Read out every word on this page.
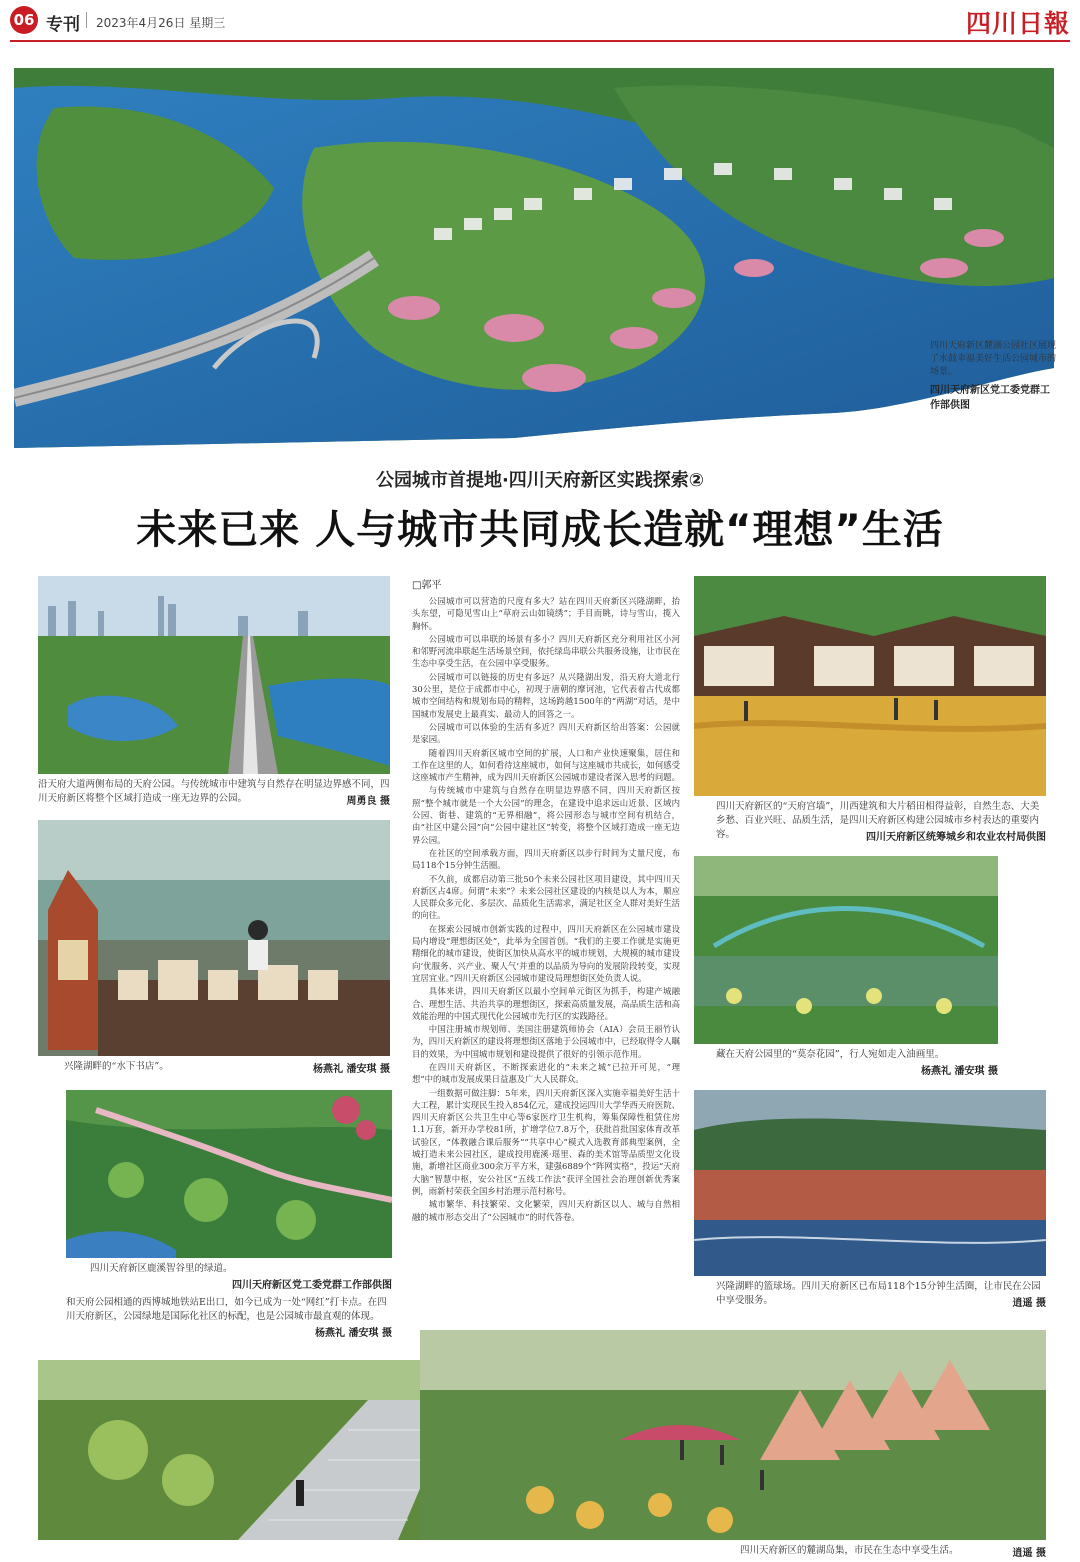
06 专刊 2023年4月26日 星期三	四川日報
四川天府新区麓湖公园社区展现了水鼓幸福美好生活公园城市的场景。
四川天府新区党工委党群工作部供图
公园城市首提地·四川天府新区实践探索②
未来已来 人与城市共同成长造就“理想”生活
沿天府大道两侧布局的天府公园。与传统城市中建筑与自然存在明显边界感不同，四川天府新区将整个区域打造成一座无边界的公园。	周勇良 摄
兴隆湖畔的“水下书店”。	杨燕礼 潘安琪 摄
四川天府新区鹿溪智谷里的绿道。
四川天府新区党工委党群工作部供图
和天府公园相通的西博城地铁站E出口，如今已成为一处“网红”打卡点。在四川天府新区，公园绿地是国际化社区的标配，也是公园城市最直观的体现。
杨燕礼 潘安琪 摄
□郭平

公园城市可以营造的尺度有多大？站在四川天府新区兴隆湖畔，抬头东望，可隐见雪山上“草府云山如镜绣”；手目而眺，诗与雪山，揽入胸怀。

公园城市可以串联的场景有多小？四川天府新区充分利用社区小河和邻野河流串联起生活场景空间，依托绿岛串联公共服务设施，让市民在生态中享受生活，在公园中享受服务。

公园城市可以链接的历史有多远？从兴隆湖出发，沿天府大道北行30公里，是位于成都市中心，初现于唐朝的摩诃池，它代表着古代成都城市空间结构和规划布局的精粹，这场跨越1500年的“两湖”对话，是中国城市发展史上最真实、最动人的回答之一。

公园城市可以体验的生活有多近？四川天府新区给出答案：公园就是家园。

随着四川天府新区城市空间的扩展，人口和产业快速聚集，居住和工作在这里的人，如何看待这座城市，如何与这座城市共成长，如何感受这座城市产生精神，成为四川天府新区公园城市建设者深入思考的问题。

与传统城市中建筑与自然存在明显边界感不同，四川天府新区按照“整个城市就是一个大公园”的理念，在建设中追求远山近景、区域内公园、街巷、建筑的“无界相融”，将公园形态与城市空间有机结合，由“社区中建公园”向“公园中建社区”转变，将整个区域打造成一座无边界公园。

在社区的空间承载方面，四川天府新区以步行时间为丈量尺度，布局118个15分钟生活圈。

不久前，成都启动第三批50个未来公园社区项目建设，其中四川天府新区占4席。何谓“未来”？未来公园社区建设的内核是以人为本，顺应人民群众多元化、多层次、品质化生活需求，满足社区全人群对美好生活的向往。

在探索公园城市创新实践的过程中，四川天府新区在公园城市建设局内增设“理想街区处”，此举为全国首创。“我们的主要工作就是实施更精细化的城市建设，使街区加快从高水平的城市规划，大规模的城市建设向‘优服务、兴产业、聚人气’并重的以品质为导向的发展阶段转变，实现宜居宜业。”四川天府新区公园城市建设局理想街区处负责人说。

具体来讲，四川天府新区以最小空间单元街区为抓手，构建产城融合、理想生活、共治共享的理想街区，探索高质量发展，高品质生活和高效能治理的中国式现代化公园城市先行区的实践路径。

中国注册城市规划师、美国注册建筑师协会（AIA）会员王丽竹认为，四川天府新区的建设将理想街区落地于公园城市中，已经取得令人瞩目的效果，为中国城市规划和建设提供了很好的引领示范作用。

在四川天府新区，不断探索进化的“未来之城”已拉开可见，“理想”中的城市发展成果日益惠及广大人民群众。

一组数据可做注脚：5年来，四川天府新区深入实施幸福美好生活十大工程，累计实现民生投入854亿元，建成投运四川大学华西天府医院、四川天府新区公共卫生中心等6家医疗卫生机构，筹集保障性租赁住房1.1万套，新开办学校81所，扩增学位7.8万个，获批首批国家体育改革试验区，“体教融合课后服务”“共享中心”模式入选教育部典型案例，全城打造未来公园社区，建成投用鹿溪·瑶里、森的美术馆等品质型文化设施，新增社区商业300余万平方米，建强6889个“阵网实格”，投运“天府大脑”智慧中枢，安公社区“五线工作法”获评全国社会治理创新优秀案例，雨新村荣获全国乡村治理示范村称号。

城市繁华、科技繁荣、文化繁荣，四川天府新区以人、城与自然相融的城市形态交出了“公园城市”的时代答卷。

四川天府新区的“天府宫墙”，川西建筑和大片稻田相得益彰，自然生态、大美乡愁、百业兴旺、品质生活，是四川天府新区构建公园城市乡村表达的重要内容。	四川天府新区统筹城乡和农业农村局供图
藏在天府公园里的“莫奈花园”，行人宛如走入油画里。
杨燕礼 潘安琪 摄
兴隆湖畔的篮球场。四川天府新区已布局118个15分钟生活圈，让市民在公园中享受服务。	逍遥 摄
四川天府新区的麓湖岛集，市民在生态中享受生活。	逍遥 摄
